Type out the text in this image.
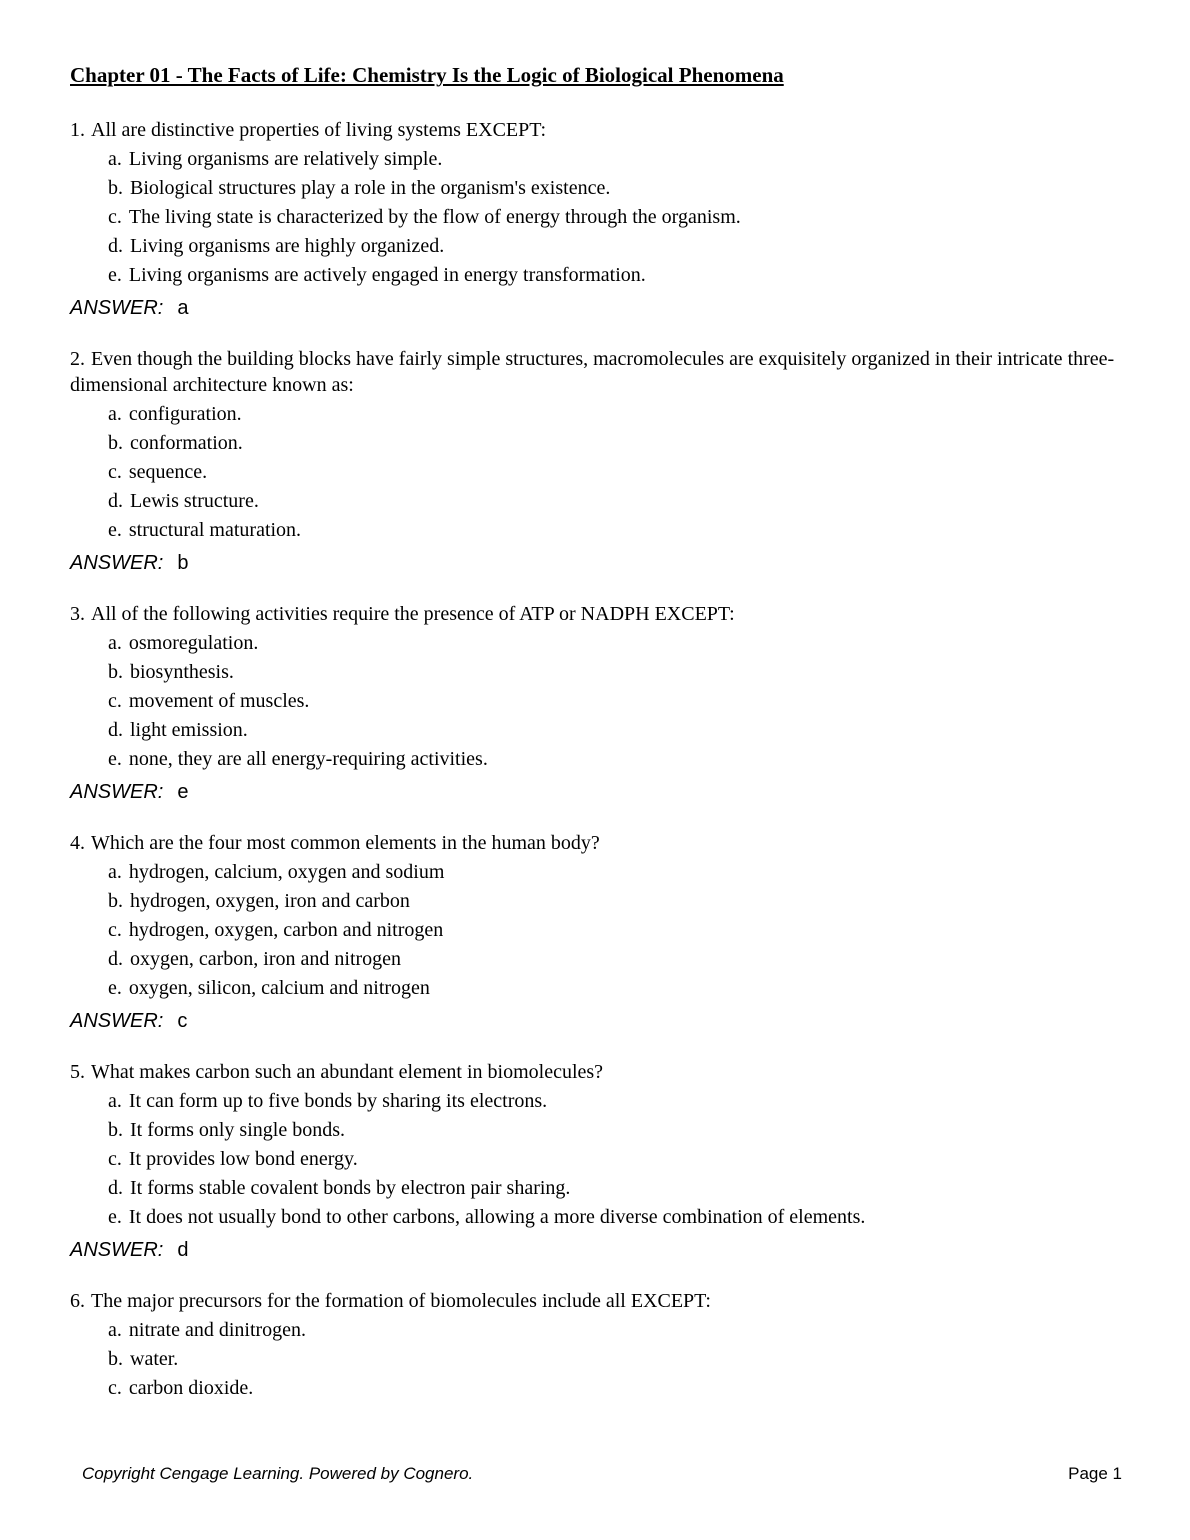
Chapter 01 - The Facts of Life: Chemistry Is the Logic of Biological Phenomena

1. All are distinctive properties of living systems EXCEPT:

a. Living organisms are relatively simple.

b. Biological structures play a role in the organism's existence.

c. The living state is characterized by the flow of energy through the organism.

d. Living organisms are highly organized.

e. Living organisms are actively engaged in energy transformation.

ANSWER: a

2. Even though the building blocks have fairly simple structures, macromolecules are exquisitely organized in their intricate three-dimensional architecture known as:

a. configuration.

b. conformation.

c. sequence.

d. Lewis structure.

e. structural maturation.

ANSWER: b

3. All of the following activities require the presence of ATP or NADPH EXCEPT:

a. osmoregulation.

b. biosynthesis.

c. movement of muscles.

d. light emission.

e. none, they are all energy-requiring activities.

ANSWER: e

4. Which are the four most common elements in the human body?

a. hydrogen, calcium, oxygen and sodium

b. hydrogen, oxygen, iron and carbon

c. hydrogen, oxygen, carbon and nitrogen

d. oxygen, carbon, iron and nitrogen

e. oxygen, silicon, calcium and nitrogen

ANSWER: c

5. What makes carbon such an abundant element in biomolecules?

a. It can form up to five bonds by sharing its electrons.

b. It forms only single bonds.

c. It provides low bond energy.

d. It forms stable covalent bonds by electron pair sharing.

e. It does not usually bond to other carbons, allowing a more diverse combination of elements.

ANSWER: d

6. The major precursors for the formation of biomolecules include all EXCEPT:

a. nitrate and dinitrogen.

b. water.

c. carbon dioxide.

Copyright Cengage Learning. Powered by Cognero.	Page 1
